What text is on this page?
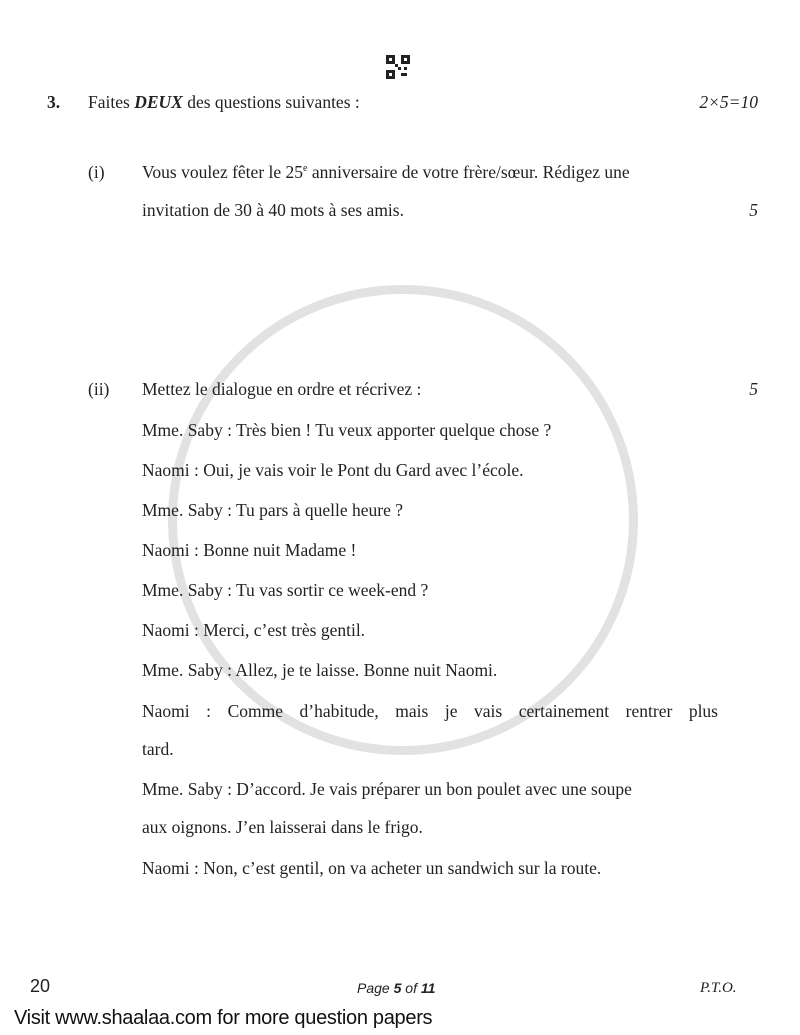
3. Faites DEUX des questions suivantes :	2×5=10
(i) Vous voulez fêter le 25e anniversaire de votre frère/sœur. Rédigez une
invitation de 30 à 40 mots à ses amis.	5
(ii) Mettez le dialogue en ordre et récrivez :	5
Mme. Saby : Très bien ! Tu veux apporter quelque chose ?
Naomi : Oui, je vais voir le Pont du Gard avec l’école.
Mme. Saby : Tu pars à quelle heure ?
Naomi : Bonne nuit Madame !
Mme. Saby : Tu vas sortir ce week-end ?
Naomi : Merci, c’est très gentil.
Mme. Saby : Allez, je te laisse. Bonne nuit Naomi.
Naomi : Comme d’habitude, mais je vais certainement rentrer plus
tard.
Mme. Saby : D’accord. Je vais préparer un bon poulet avec une soupe
aux oignons. J’en laisserai dans le frigo.
Naomi : Non, c’est gentil, on va acheter un sandwich sur la route.
20	Page 5 of 11	P.T.O.
Visit www.shaalaa.com for more question papers
